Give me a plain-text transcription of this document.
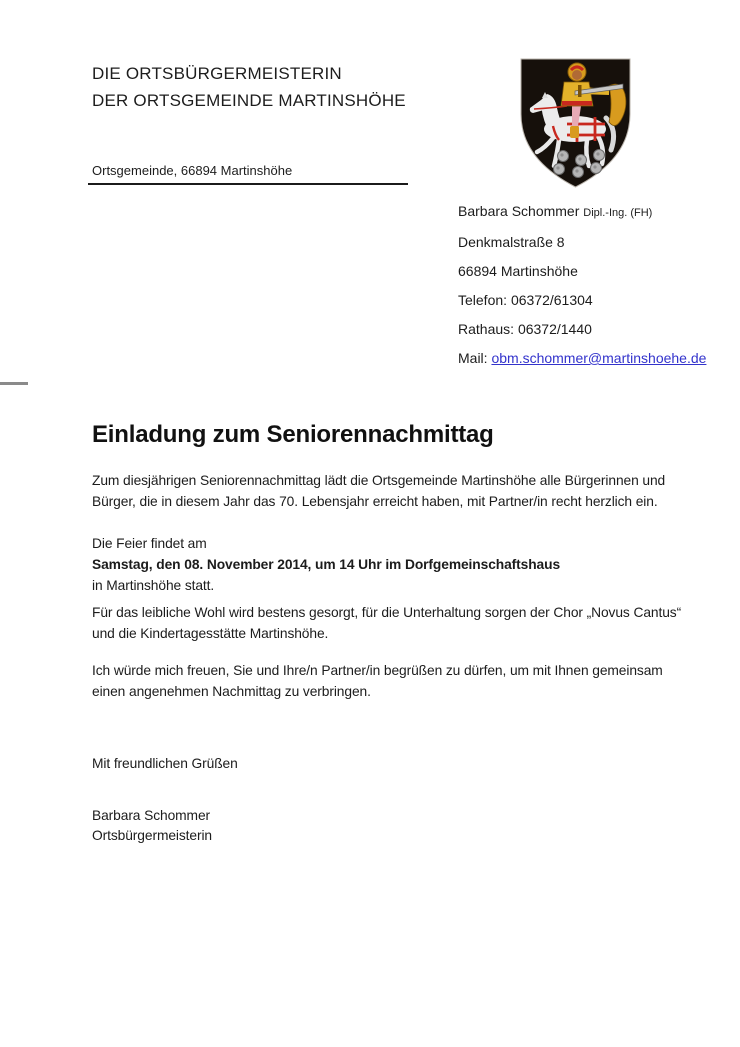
DIE ORTSBÜRGERMEISTERIN
DER ORTSGEMEINDE MARTINSHÖHE
Ortsgemeinde, 66894 Martinshöhe
Barbara Schommer Dipl.-Ing. (FH)
Denkmalstraße 8
66894 Martinshöhe
Telefon: 06372/61304
Rathaus: 06372/1440
Mail: obm.schommer@martinshoehe.de
Einladung zum Seniorennachmittag
Zum diesjährigen Seniorennachmittag lädt die Ortsgemeinde Martinshöhe alle Bürgerinnen und
Bürger, die in diesem Jahr das 70. Lebensjahr erreicht haben, mit Partner/in recht herzlich ein.
Die Feier findet am
Samstag, den 08. November 2014, um 14 Uhr im Dorfgemeinschaftshaus
in Martinshöhe statt.
Für das leibliche Wohl wird bestens gesorgt, für die Unterhaltung sorgen der Chor „Novus Cantus“
und die Kindertagesstätte Martinshöhe.
Ich würde mich freuen, Sie und Ihre/n Partner/in begrüßen zu dürfen, um mit Ihnen gemeinsam
einen angenehmen Nachmittag zu verbringen.
Mit freundlichen Grüßen
Barbara Schommer
Ortsbürgermeisterin
